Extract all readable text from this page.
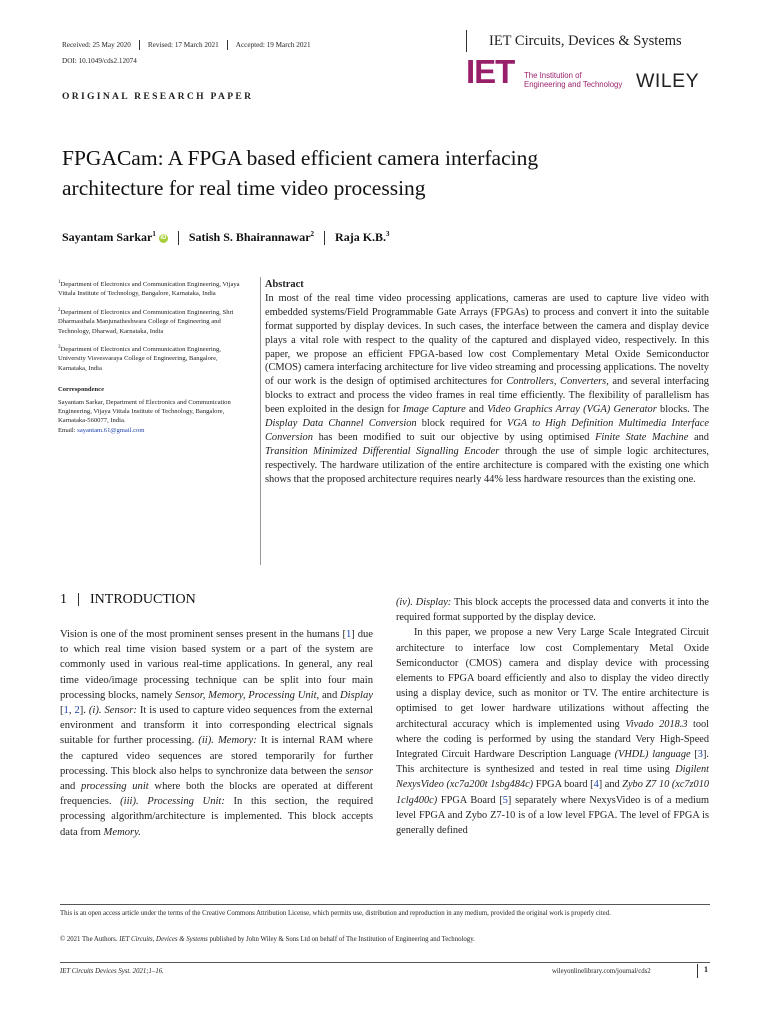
Received: 25 May 2020 Revised: 17 March 2021 Accepted: 19 March 2021	IET Circuits, Devices & Systems
DOI: 10.1049/cds2.12074	IET The Institution of
Engineering and Technology WILEY
ORIGINAL RESEARCH PAPER
FPGACam: A FPGA based efficient camera interfacing
architecture for real time video processing
Sayantam Sarkar$^1$ iD Satish S. Bhairannawar$^2$ Raja K.B.$^3$
$^1$Department of Electronics and Communication Engineering, Vijaya Vittala Institute of Technology, Bangalore, Karnataka, India
$^2$Department of Electronics and Communication Engineering, Shri Dharmasthala Manjunatheshwara College of Engineering and Technology, Dharwad, Karnataka, India
$^3$Department of Electronics and Communication Engineering, University Visvesvaraya College of Engineering, Bangalore, Karnataka, India
Correspondence
Sayantam Sarkar, Department of Electronics and Communication Engineering, Vijaya Vittala Institute of Technology, Bangalore, Karnataka-560077, India.
Email: sayantam.61@gmail.com
Abstract
In most of the real time video processing applications, cameras are used to capture live video with embedded systems/Field Programmable Gate Arrays (FPGAs) to process and convert it into the suitable format supported by display devices. In such cases, the interface between the camera and display device plays a vital role with respect to the quality of the captured and displayed video, respectively. In this paper, we propose an efficient FPGA-based low cost Complementary Metal Oxide Semiconductor (CMOS) camera interfacing architecture for live video streaming and processing applications. The novelty of our work is the design of optimised architectures for Controllers, Converters, and several interfacing blocks to extract and process the video frames in real time efficiently. The flexibility of parallelism has been exploited in the design for Image Capture and Video Graphics Array (VGA) Generator blocks. The Display Data Channel Conversion block required for VGA to High Definition Multimedia Interface Conversion has been modified to suit our objective by using optimised Finite State Machine and Transition Minimized Differential Signalling Encoder through the use of simple logic architectures, respectively. The hardware utilization of the entire architecture is compared with the existing one which shows that the proposed architecture requires nearly 44% less hardware resources than the existing one.
1 INTRODUCTION
Vision is one of the most prominent senses present in the humans [1] due to which real time vision based system or a part of the system are commonly used in various real-time applications. In general, any real time video/image processing technique can be split into four main processing blocks, namely Sensor, Memory, Processing Unit, and Display [1, 2]. (i). Sensor: It is used to capture video sequences from the external environment and transform it into corresponding electrical signals suitable for further processing. (ii). Memory: It is internal RAM where the captured video sequences are stored temporarily for further processing. This block also helps to synchronize data between the sensor and processing unit where both the blocks are operated at different frequencies. (iii). Processing Unit: In this section, the required processing algorithm/architecture is implemented. This block accepts data from Memory.
(iv). Display: This block accepts the processed data and converts it into the required format supported by the display device.
In this paper, we propose a new Very Large Scale Integrated Circuit architecture to interface low cost Complementary Metal Oxide Semiconductor (CMOS) camera and display device with processing elements to FPGA board efficiently and also to display the video directly using a display device, such as monitor or TV. The entire architecture is optimised to get lower hardware utilizations without affecting the architectural accuracy which is implemented using Vivado 2018.3 tool where the coding is performed by using the standard Very High-Speed Integrated Circuit Hardware Description Language (VHDL) language [3]. This architecture is synthesized and tested in real time using Digilent NexysVideo (xc7a200t 1sbg484c) FPGA board [4] and Zybo Z7 10 (xc7z010 1clg400c) FPGA Board [5] separately where NexysVideo is of a medium level FPGA and Zybo Z7-10 is of a low level FPGA. The level of FPGA is generally defined
This is an open access article under the terms of the Creative Commons Attribution License, which permits use, distribution and reproduction in any medium, provided the original work is properly cited.
© 2021 The Authors. IET Circuits, Devices & Systems published by John Wiley & Sons Ltd on behalf of The Institution of Engineering and Technology.
IET Circuits Devices Syst. 2021;1–16.	wileyonlinelibrary.com/journal/cds2	1
